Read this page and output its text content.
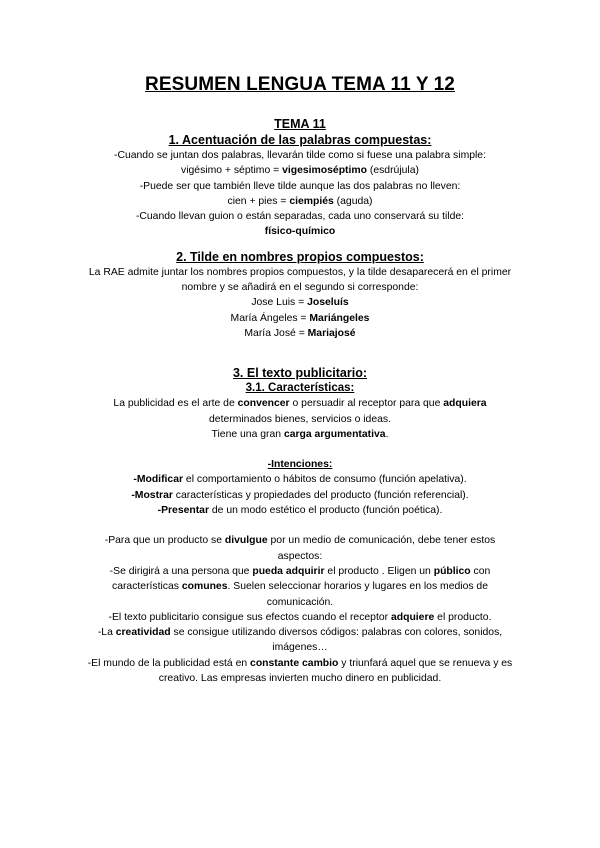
RESUMEN LENGUA TEMA 11 Y 12

TEMA 11

1. Acentuación de las palabras compuestas:

-Cuando se juntan dos palabras, llevarán tilde como si fuese una palabra simple:

vigésimo + séptimo = vigesimoséptimo (esdrújula)

-Puede ser que también lleve tilde aunque las dos palabras no lleven:

cien + pies = ciempiés (aguda)

-Cuando llevan guion o están separadas, cada uno conservará su tilde:

físico-químico

2. Tilde en nombres propios compuestos:

La RAE admite juntar los nombres propios compuestos, y la tilde desaparecerá en el primer

nombre y se añadirá en el segundo si corresponde:

Jose Luis = Joseluís

María Ángeles = Mariángeles

María José = Mariajosé

3. El texto publicitario:

3.1. Características:

La publicidad es el arte de convencer o persuadir al receptor para que adquiera

determinados bienes, servicios o ideas.

Tiene una gran carga argumentativa.

-Intenciones:

-Modificar el comportamiento o hábitos de consumo (función apelativa).

-Mostrar características y propiedades del producto (función referencial).

-Presentar de un modo estético el producto (función poética).

-Para que un producto se divulgue por un medio de comunicación, debe tener estos

aspectos:

-Se dirigirá a una persona que pueda adquirir el producto . Eligen un público con

características comunes. Suelen seleccionar horarios y lugares en los medios de

comunicación.

-El texto publicitario consigue sus efectos cuando el receptor adquiere el producto.

-La creatividad se consigue utilizando diversos códigos: palabras con colores, sonidos,

imágenes…

-El mundo de la publicidad está en constante cambio y triunfará aquel que se renueva y es

creativo. Las empresas invierten mucho dinero en publicidad.
